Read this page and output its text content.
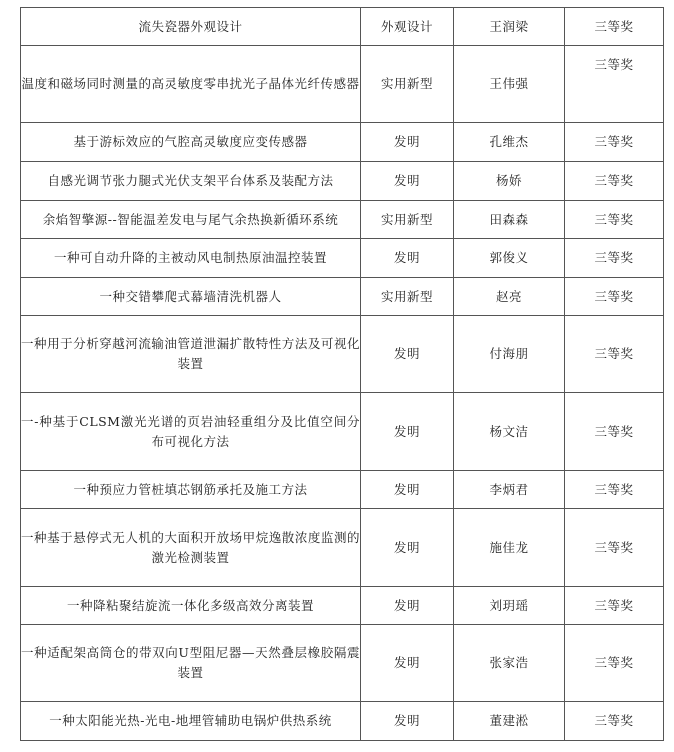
流失瓷器外观设计	外观设计	王润梁	三等奖
温度和磁场同时测量的高灵敏度零串扰光子晶体光纤传感器	实用新型	王伟强	三等奖
基于游标效应的气腔高灵敏度应变传感器	发明	孔维杰	三等奖
自感光调节张力腿式光伏支架平台体系及装配方法	发明	杨娇	三等奖
余焰智擎源--智能温差发电与尾气余热换新循环系统	实用新型	田森森	三等奖
一种可自动升降的主被动风电制热原油温控装置	发明	郭俊义	三等奖
一种交错攀爬式幕墙清洗机器人	实用新型	赵亮	三等奖
一种用于分析穿越河流输油管道泄漏扩散特性方法及可视化装置	发明	付海朋	三等奖
一-种基于CLSM激光光谱的页岩油轻重组分及比值空间分布可视化方法	发明	杨文洁	三等奖
一种预应力管桩填芯钢筋承托及施工方法	发明	李炳君	三等奖
一种基于悬停式无人机的大面积开放场甲烷逸散浓度监测的激光检测装置	发明	施佳龙	三等奖
一种降粘聚结旋流一体化多级高效分离装置	发明	刘玥瑶	三等奖
一种适配架高筒仓的带双向U型阻尼器—天然叠层橡胶隔震装置	发明	张家浩	三等奖
一种太阳能光热-光电-地埋管辅助电锅炉供热系统	发明	董建淞	三等奖
